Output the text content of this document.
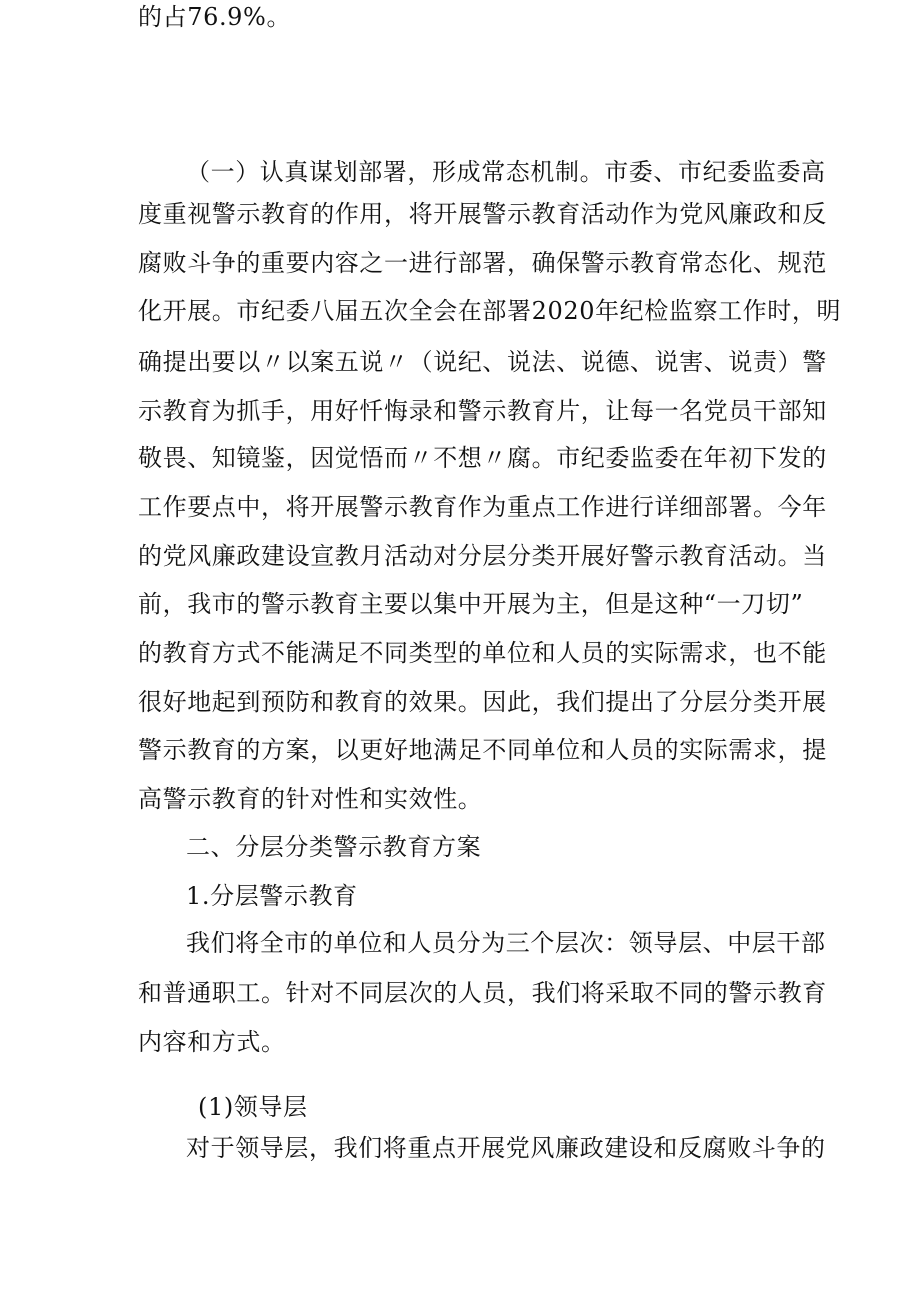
的占76.9%。
（一）认真谋划部署，形成常态机制。市委、市纪委监委高
度重视警示教育的作用，将开展警示教育活动作为党风廉政和反
腐败斗争的重要内容之一进行部署，确保警示教育常态化、规范
化开展。市纪委八届五次全会在部署2020年纪检监察工作时，明
确提出要以〃以案五说〃（说纪、说法、说德、说害、说责）警
示教育为抓手，用好忏悔录和警示教育片，让每一名党员干部知
敬畏、知镜鉴，因觉悟而〃不想〃腐。市纪委监委在年初下发的
工作要点中，将开展警示教育作为重点工作进行详细部署。今年
的党风廉政建设宣教月活动对分层分类开展好警示教育活动。当
前，我市的警示教育主要以集中开展为主，但是这种“一刀切”
的教育方式不能满足不同类型的单位和人员的实际需求，也不能
很好地起到预防和教育的效果。因此，我们提出了分层分类开展
警示教育的方案，以更好地满足不同单位和人员的实际需求，提
高警示教育的针对性和实效性。
二、分层分类警示教育方案
1.分层警示教育
我们将全市的单位和人员分为三个层次：领导层、中层干部
和普通职工。针对不同层次的人员，我们将采取不同的警示教育
内容和方式。
(1)领导层
对于领导层，我们将重点开展党风廉政建设和反腐败斗争的
